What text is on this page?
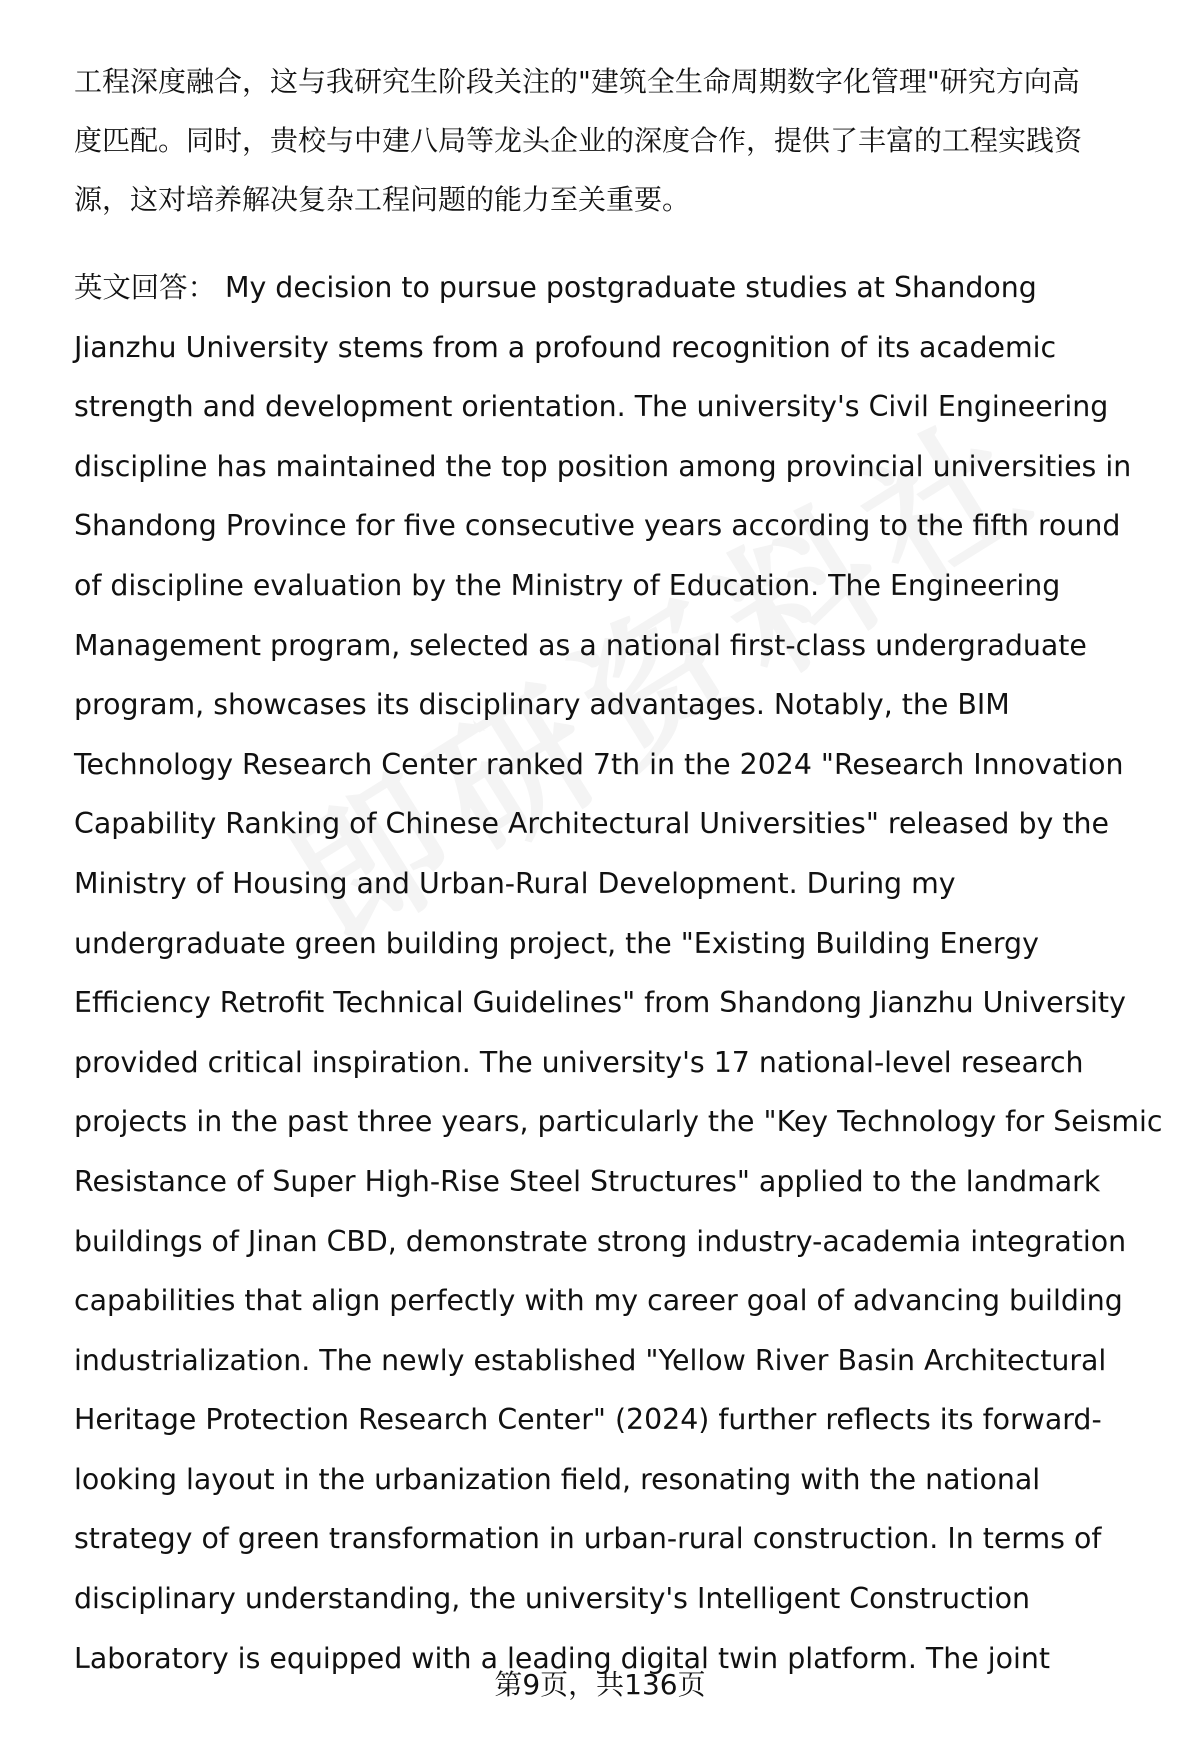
工程深度融合，这与我研究生阶段关注的"建筑全生命周期数字化管理"研究方向高
度匹配。同时，贵校与中建八局等龙头企业的深度合作，提供了丰富的工程实践资
源，这对培养解决复杂工程问题的能力至关重要。
英文回答： My decision to pursue postgraduate studies at Shandong
Jianzhu University stems from a profound recognition of its academic
strength and development orientation. The university's Civil Engineering
discipline has maintained the top position among provincial universities in
Shandong Province for five consecutive years according to the fifth round
of discipline evaluation by the Ministry of Education. The Engineering
Management program, selected as a national first-class undergraduate
program, showcases its disciplinary advantages. Notably, the BIM
Technology Research Center ranked 7th in the 2024 "Research Innovation
Capability Ranking of Chinese Architectural Universities" released by the
Ministry of Housing and Urban-Rural Development. During my
undergraduate green building project, the "Existing Building Energy
Efficiency Retrofit Technical Guidelines" from Shandong Jianzhu University
provided critical inspiration. The university's 17 national-level research
projects in the past three years, particularly the "Key Technology for Seismic
Resistance of Super High-Rise Steel Structures" applied to the landmark
buildings of Jinan CBD, demonstrate strong industry-academia integration
capabilities that align perfectly with my career goal of advancing building
industrialization. The newly established "Yellow River Basin Architectural
Heritage Protection Research Center" (2024) further reflects its forward-
looking layout in the urbanization field, resonating with the national
strategy of green transformation in urban-rural construction. In terms of
disciplinary understanding, the university's Intelligent Construction
Laboratory is equipped with a leading digital twin platform. The joint
第9页，共136页
